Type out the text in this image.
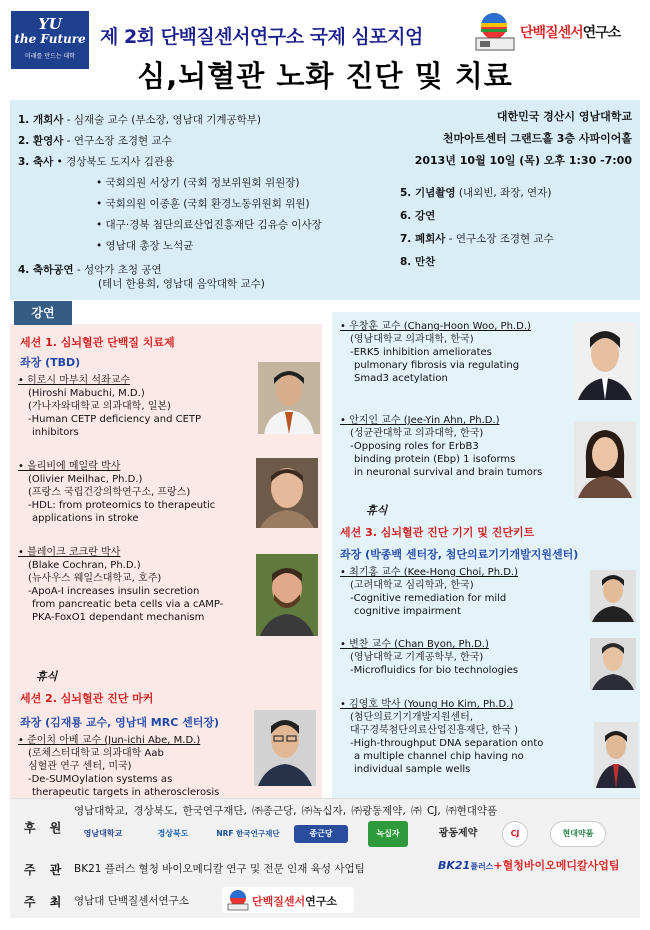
YU
the Future
미래를 만드는 대학
제 2회 단백질센서연구소 국제 심포지엄	단백질센서연구소
심,뇌혈관 노화 진단 및 치료
1. 개회사 - 심재술 교수 (부소장, 영남대 기계공학부)
2. 환영사 - 연구소장 조경현 교수
3. 축사 • 경상북도 도지사 김관용
• 국회의원 서상기 (국회 정보위원회 위원장)
• 국회의원 이종훈 (국회 환경노동위원회 위원)
• 대구·경북 첨단의료산업진흥재단 김유승 이사장
• 영남대 총장 노석균
4. 축하공연 - 성악가 초청 공연
(테너 한용희, 영남대 음악대학 교수)
대한민국 경산시 영남대학교
천마아트센터 그랜드홀 3층 사파이어홀
2013년 10월 10일 (목) 오후 1:30 -7:00
5. 기념촬영 (내외빈, 좌장, 연자)
6. 강연
7. 폐회사 - 연구소장 조경현 교수
8. 만찬
세션 1. 심뇌혈관 단백질 치료제
좌장 (TBD)
• 히로시 마부치 석좌교수
(Hiroshi Mabuchi, M.D.)
(가나자와대학교 의과대학, 일본)
-Human CETP deficiency and CETP
inhibitors
• 올리비에 메일락 박사
(Olivier Meilhac, Ph.D.)
(프랑스 국립건강의학연구소, 프랑스)
-HDL: from proteomics to therapeutic
applications in stroke
• 블레이크 코크란 박사
(Blake Cochran, Ph.D.)
(뉴사우스 웨일스대학교, 호주)
-ApoA-I increases insulin secretion
from pancreatic beta cells via a cAMP-
PKA-FoxO1 dependant mechanism
휴식
세션 2. 심뇌혈관 진단 마커
좌장 (김재룡 교수, 영남대 MRC 센터장)
• 준이치 아베 교수 (Jun-ichi Abe, M.D.)
(로체스터대학교 의과대학 Aab
심혈관 연구 센터, 미국)
-De-SUMOylation systems as
therapeutic targets in atherosclerosis
강연
• 우창훈 교수 (Chang-Hoon Woo, Ph.D.)
(영남대학교 의과대학, 한국)
-ERK5 inhibition ameliorates
pulmonary fibrosis via regulating
Smad3 acetylation
• 안지인 교수 (Jee-Yin Ahn, Ph.D.)
(성균관대학교 의과대학, 한국)
-Opposing roles for ErbB3
binding protein (Ebp) 1 isoforms
in neuronal survival and brain tumors
휴식
세션 3. 심뇌혈관 진단 기기 및 진단키트
좌장 (박종백 센터장, 첨단의료기기개발지원센터)
• 최기홍 교수 (Kee-Hong Choi, Ph.D.)
(고려대학교 심리학과, 한국)
-Cognitive remediation for mild
cognitive impairment
• 변찬 교수 (Chan Byon, Ph.D.)
(영남대학교 기계공학부, 한국)
-Microfluidics for bio technologies
• 김영호 박사 (Young Ho Kim, Ph.D.)
(첨단의료기기개발지원센터,
대구경북첨단의료산업진흥재단, 한국 )
-High-throughput DNA separation onto
a multiple channel chip having no
individual sample wells
후 원
영남대학교, 경상북도, 한국연구재단, ㈜종근당, ㈜녹십자, ㈜광동제약, ㈜ CJ, ㈜현대약품
영남대학교	경상북도	NRF 한국연구재단	종근당	녹십자	광동제약	CJ	현대약품
주 관 BK21 플러스 혈청 바이오메디칼 연구 및 전문 인재 육성 사업팀	BK21플러스+혈청바이오메디칼사업팀
주 최 영남대 단백질센서연구소	단백질센서연구소
